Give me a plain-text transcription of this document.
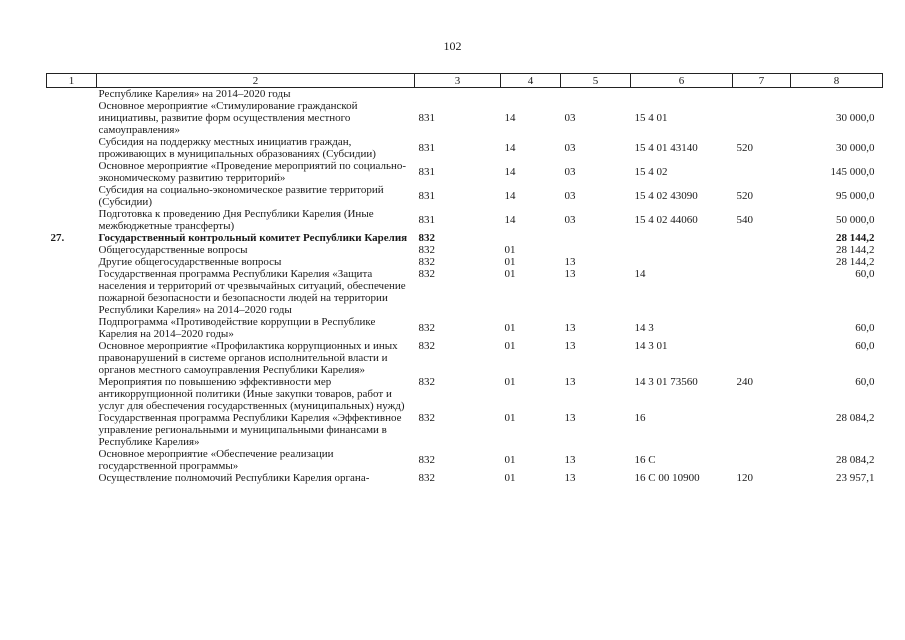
102
1	2	3	4	5	6	7	8
	Республике Карелия» на 2014–2020 годы						
	Основное мероприятие «Стимулирование гражданской инициативы, развитие форм осуществления местного самоуправления»	831	14	03	15 4 01		30 000,0
	Субсидия на поддержку местных инициатив граждан, проживающих в муниципальных образованиях (Субсидии)	831	14	03	15 4 01 43140	520	30 000,0
	Основное мероприятие «Проведение мероприятий по социально-экономическому развитию территорий»	831	14	03	15 4 02		145 000,0
	Субсидия на социально-экономическое развитие территорий (Субсидии)	831	14	03	15 4 02 43090	520	95 000,0
	Подготовка к проведению Дня Республики Карелия (Иные межбюджетные трансферты)	831	14	03	15 4 02 44060	540	50 000,0
27.	Государственный контрольный комитет Республики Карелия	832					28 144,2
	Общегосударственные вопросы	832	01				28 144,2
	Другие общегосударственные вопросы	832	01	13			28 144,2
	Государственная программа Республики Карелия «Защита населения и территорий от чрезвычайных ситуаций, обеспечение пожарной безопасности и безопасности людей на территории Республики Карелия» на 2014–2020 годы	832	01	13	14		60,0
	Подпрограмма «Противодействие коррупции в Республике Карелия на 2014–2020 годы»	832	01	13	14 3		60,0
	Основное мероприятие «Профилактика коррупционных и иных правонарушений в системе органов исполнительной власти и органов местного самоуправления Республики Карелия»	832	01	13	14 3 01		60,0
	Мероприятия по повышению эффективности мер антикоррупционной политики (Иные закупки товаров, работ и услуг для обеспечения государственных (муниципальных) нужд)	832	01	13	14 3 01 73560	240	60,0
	Государственная программа Республики Карелия «Эффективное управление региональными и муниципальными финансами в Республике Карелия»	832	01	13	16		28 084,2
	Основное мероприятие «Обеспечение реализации государственной программы»	832	01	13	16 С		28 084,2
	Осуществление полномочий Республики Карелия органа-	832	01	13	16 С 00 10900	120	23 957,1
